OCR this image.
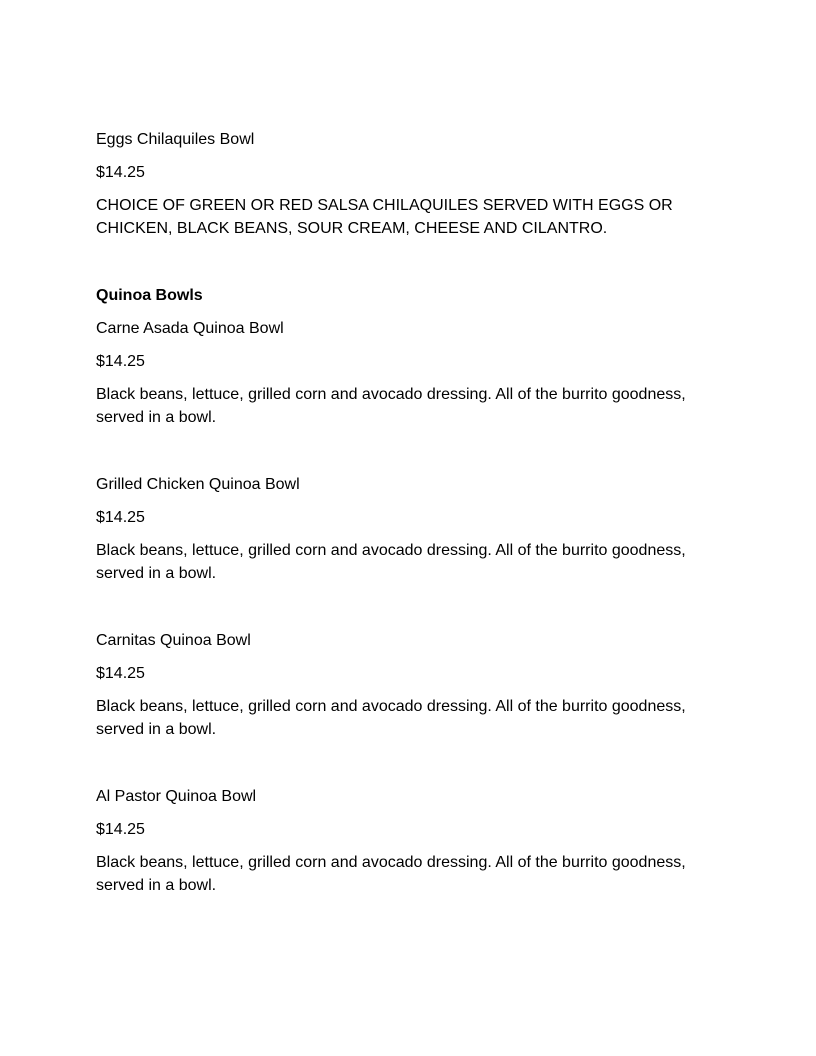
Eggs Chilaquiles Bowl

$14.25

CHOICE OF GREEN OR RED SALSA CHILAQUILES SERVED WITH EGGS OR CHICKEN, BLACK BEANS, SOUR CREAM, CHEESE AND CILANTRO.

Quinoa Bowls

Carne Asada Quinoa Bowl

$14.25

Black beans, lettuce, grilled corn and avocado dressing. All of the burrito goodness, served in a bowl.

Grilled Chicken Quinoa Bowl

$14.25

Black beans, lettuce, grilled corn and avocado dressing. All of the burrito goodness, served in a bowl.

Carnitas Quinoa Bowl

$14.25

Black beans, lettuce, grilled corn and avocado dressing. All of the burrito goodness, served in a bowl.

Al Pastor Quinoa Bowl

$14.25

Black beans, lettuce, grilled corn and avocado dressing. All of the burrito goodness, served in a bowl.
